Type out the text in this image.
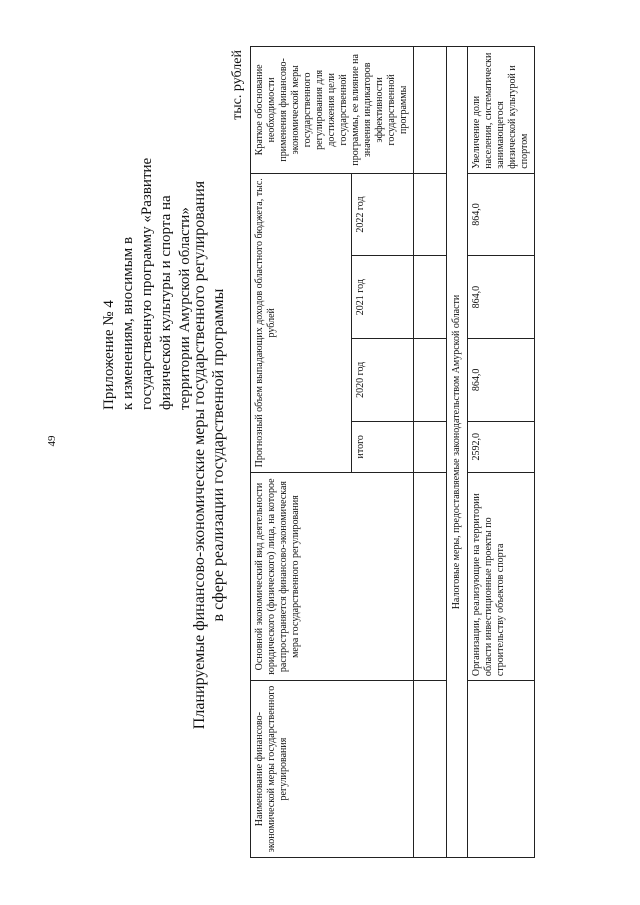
49
Приложение № 4 к изменениям, вносимым в государственную программу «Развитие физической культуры и спорта на территории Амурской области»
Планируемые финансово-экономические меры государственного регулирования в сфере реализации государственной программы
тыс. рублей
Наименование финансово-экономической меры государственного регулирования	Основной экономический вид деятельности юридического (физического) лица, на которое распространяется финансово-экономическая мера государственного регулирования	Прогнозный объем выпадающих доходов областного бюджета, тыс. рублей				Краткое обоснование необходимости применения финансово-экономической меры государственного регулирования для достижения цели государственной программы, ее влияние на значения индикаторов эффективности государственной программы
		итого	2020 год	2021 год	2022 год	

Налоговые меры, предоставляемые законодательством Амурской области						
	Организации, реализующие на территории области инвестиционные проекты по строительству объектов спорта	2592,0	864,0	864,0	864,0	Увеличение доли населения, систематически занимающегося физической культурой и спортом
